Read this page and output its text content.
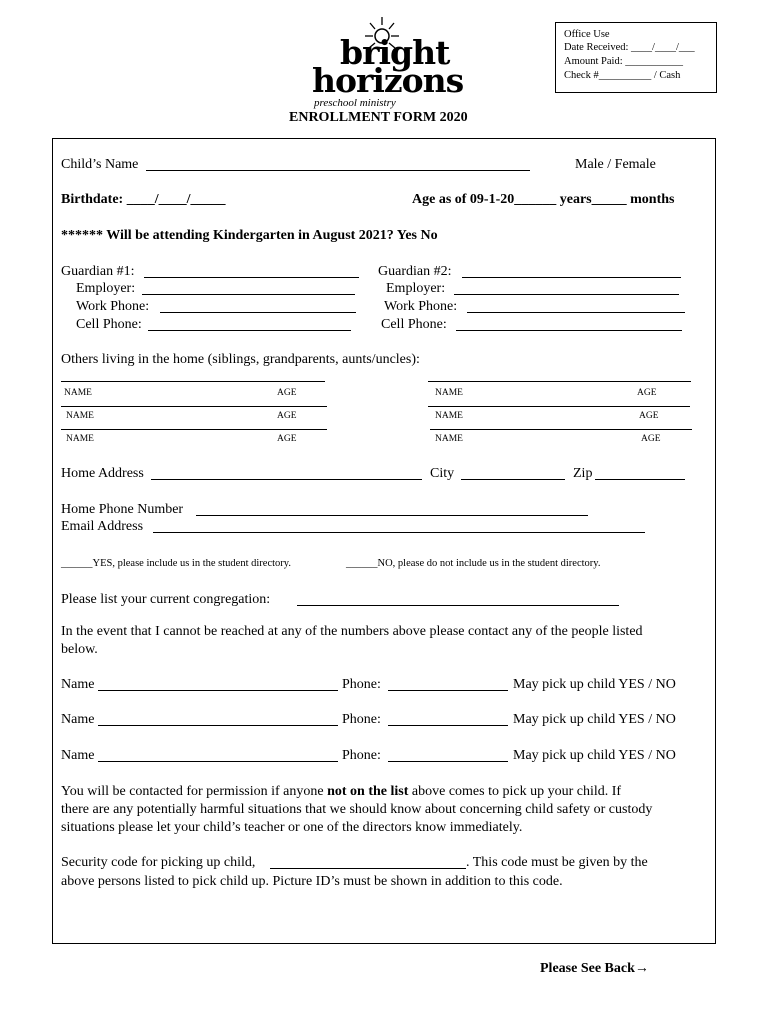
Office Use
Date Received: ____/____/___
Amount Paid: ___________
Check #__________ / Cash
bright
horizons
preschool ministry
ENROLLMENT FORM 2020
Child’s Name	Male / Female
Birthdate: ____/____/_____	Age as of 09-1-20______ years_____ months
****** Will be attending Kindergarten in August 2021? Yes No
Guardian #1:
Employer:
Work Phone:
Cell Phone:
Guardian #2:
Employer:
Work Phone:
Cell Phone:
Others living in the home (siblings, grandparents, aunts/uncles):
NAME	AGE
NAME	AGE
NAME	AGE
NAME	AGE
NAME	AGE
NAME	AGE
Home Address	City	Zip
Home Phone Number
Email Address
______YES, please include us in the student directory.	______NO, please do not include us in the student directory.
Please list your current congregation:
In the event that I cannot be reached at any of the numbers above please contact any of the people listed
below.
Name	Phone:	May pick up child YES / NO
Name	Phone:	May pick up child YES / NO
Name	Phone:	May pick up child YES / NO
You will be contacted for permission if anyone not on the list above comes to pick up your child. If
there are any potentially harmful situations that we should know about concerning child safety or custody
situations please let your child’s teacher or one of the directors know immediately.
Security code for picking up child,	. This code must be given by the
above persons listed to pick child up. Picture ID’s must be shown in addition to this code.
Please See Back→
